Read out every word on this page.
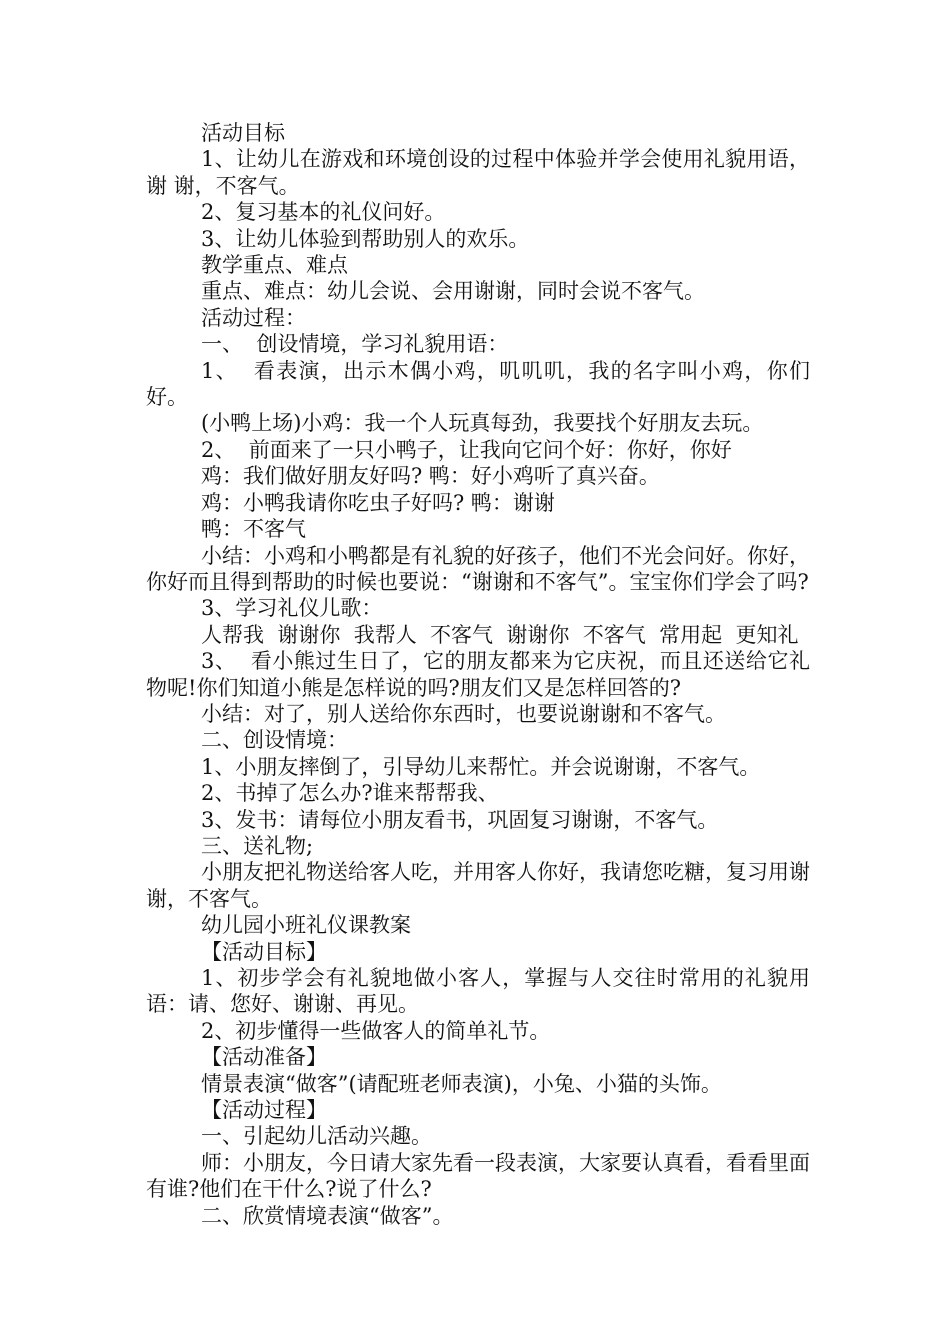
活动目标

1、让幼儿在游戏和环境创设的过程中体验并学会使用礼貌用语，谢 谢，不客气。

2、复习基本的礼仪问好。

3、让幼儿体验到帮助别人的欢乐。

教学重点、难点

重点、难点：幼儿会说、会用谢谢，同时会说不客气。

活动过程：

一、  创设情境，学习礼貌用语：

1、  看表演，出示木偶小鸡，叽叽叽，我的名字叫小鸡，你们好。

(小鸭上场)小鸡：我一个人玩真每劲，我要找个好朋友去玩。

2、  前面来了一只小鸭子，让我向它问个好：你好，你好

鸡：我们做好朋友好吗? 鸭：好小鸡听了真兴奋。

鸡：小鸭我请你吃虫子好吗? 鸭：谢谢

鸭：不客气

小结：小鸡和小鸭都是有礼貌的好孩子，他们不光会问好。你好，你好而且得到帮助的时候也要说：“谢谢和不客气”。宝宝你们学会了吗?

3、学习礼仪儿歌：

人帮我  谢谢你  我帮人  不客气  谢谢你  不客气  常用起  更知礼

3、  看小熊过生日了，它的朋友都来为它庆祝，而且还送给它礼物呢!你们知道小熊是怎样说的吗?朋友们又是怎样回答的?

小结：对了，别人送给你东西时，也要说谢谢和不客气。

二、创设情境：

1、小朋友摔倒了，引导幼儿来帮忙。并会说谢谢，不客气。

2、书掉了怎么办?谁来帮帮我、

3、发书：请每位小朋友看书，巩固复习谢谢，不客气。

三、送礼物;

小朋友把礼物送给客人吃，并用客人你好，我请您吃糖，复习用谢谢，不客气。

幼儿园小班礼仪课教案

【活动目标】

1、初步学会有礼貌地做小客人，掌握与人交往时常用的礼貌用语：请、您好、谢谢、再见。

2、初步懂得一些做客人的简单礼节。

【活动准备】

情景表演“做客”(请配班老师表演)，小兔、小猫的头饰。

【活动过程】

一、引起幼儿活动兴趣。

师：小朋友，今日请大家先看一段表演，大家要认真看，看看里面有谁?他们在干什么?说了什么?

二、欣赏情境表演“做客”。
